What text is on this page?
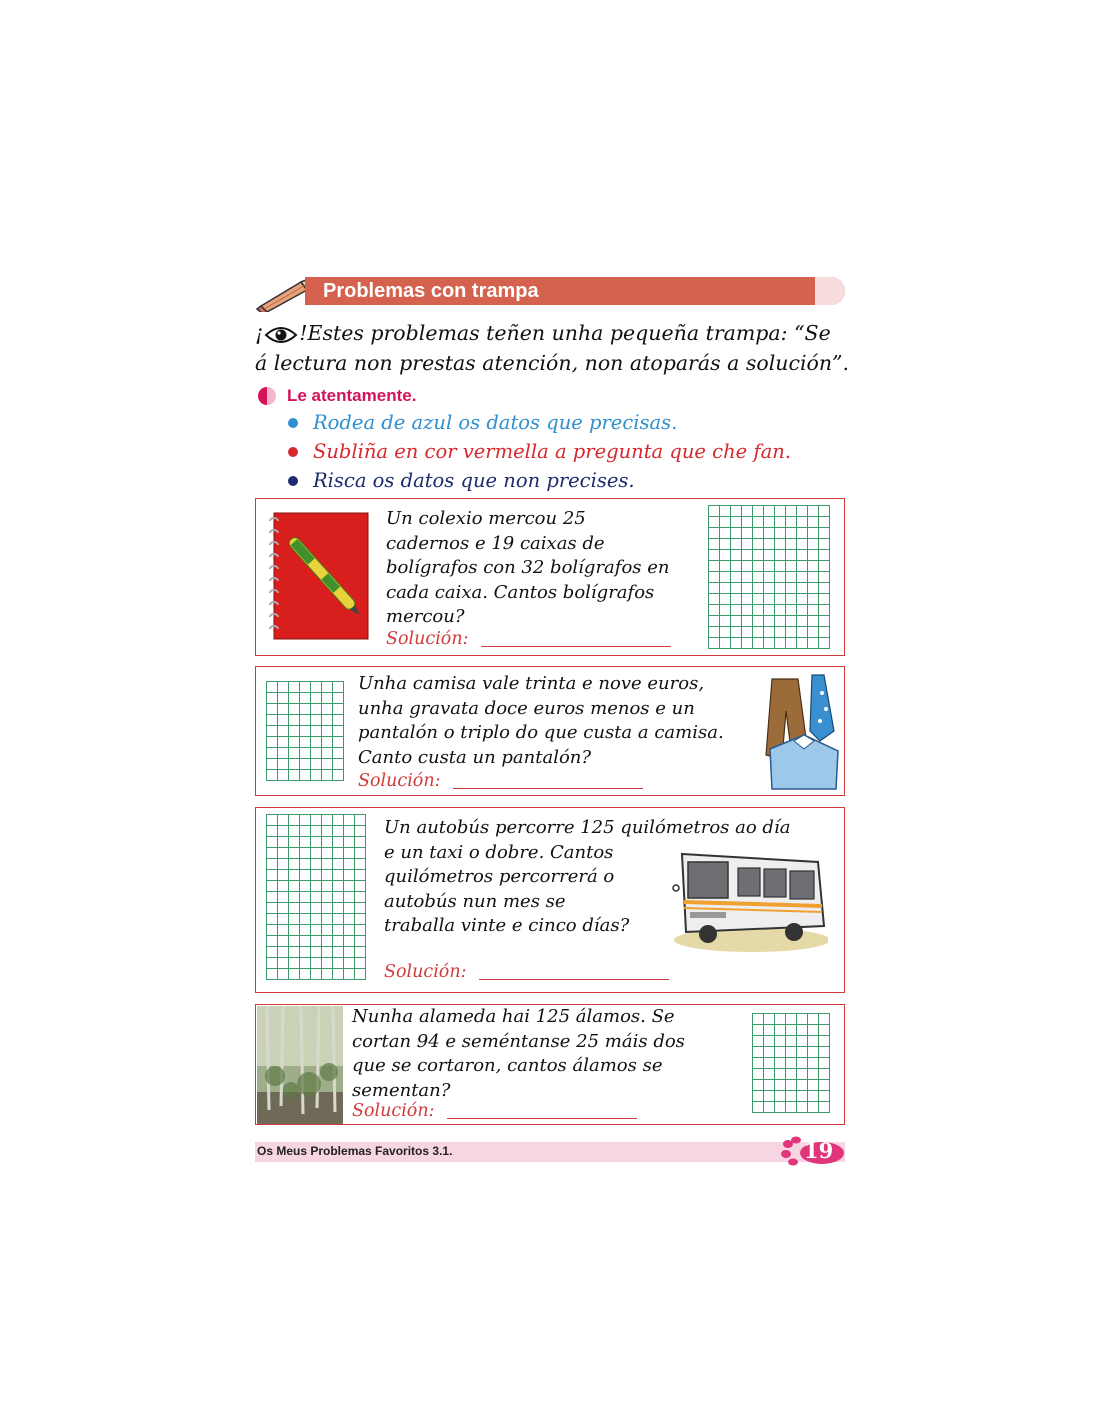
Problemas con trampa
¡ !Estes problemas teñen unha pequeña trampa: “Se
á lectura non prestas atención, non atoparás a solución”.
Le atentamente.
Rodea de azul os datos que precisas.
Subliña en cor vermella a pregunta que che fan.
Risca os datos que non precises.
Un colexio mercou 25
cadernos e 19 caixas de
bolígrafos con 32 bolígrafos en
cada caixa. Cantos bolígrafos
mercou?
Solución:
Unha camisa vale trinta e nove euros,
unha gravata doce euros menos e un
pantalón o triplo do que custa a camisa.
Canto custa un pantalón?
Solución:
Un autobús percorre 125 quilómetros ao día
e un taxi o dobre. Cantos
quilómetros percorrerá o
autobús nun mes se
traballa vinte e cinco días?
Solución:
Nunha alameda hai 125 álamos. Se
cortan 94 e seméntanse 25 máis dos
que se cortaron, cantos álamos se
sementan?
Solución:
Os Meus Problemas Favoritos 3.1.	19
